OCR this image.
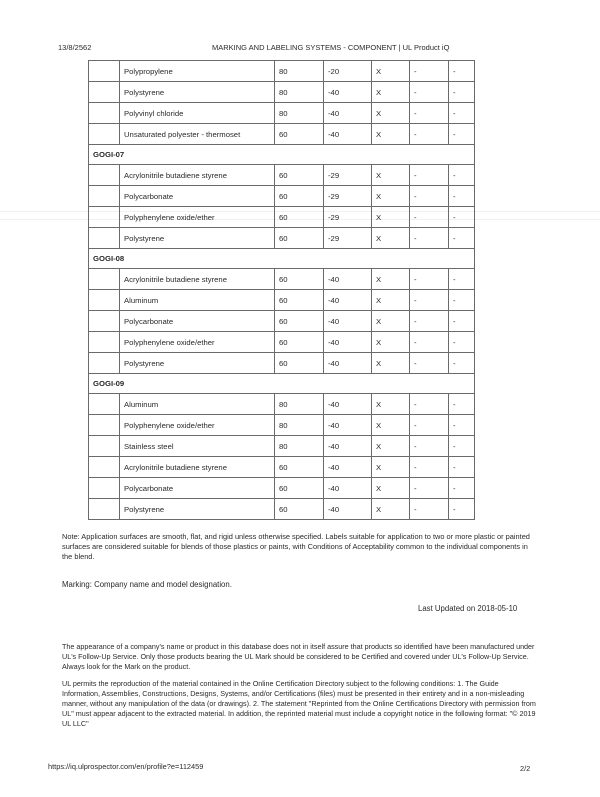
13/8/2562	MARKING AND LABELING SYSTEMS - COMPONENT | UL Product iQ
	Polypropylene	80	-20	X	-	-
	Polystyrene	80	-40	X	-	-
	Polyvinyl chloride	80	-40	X	-	-
	Unsaturated polyester - thermoset	60	-40	X	-	-
GOGI-07						
	Acrylonitrile butadiene styrene	60	-29	X	-	-
	Polycarbonate	60	-29	X	-	-
	Polyphenylene oxide/ether	60	-29	X	-	-
	Polystyrene	60	-29	X	-	-
GOGI-08						
	Acrylonitrile butadiene styrene	60	-40	X	-	-
	Aluminum	60	-40	X	-	-
	Polycarbonate	60	-40	X	-	-
	Polyphenylene oxide/ether	60	-40	X	-	-
	Polystyrene	60	-40	X	-	-
GOGI-09						
	Aluminum	80	-40	X	-	-
	Polyphenylene oxide/ether	80	-40	X	-	-
	Stainless steel	80	-40	X	-	-
	Acrylonitrile butadiene styrene	60	-40	X	-	-
	Polycarbonate	60	-40	X	-	-
	Polystyrene	60	-40	X	-	-
Note: Application surfaces are smooth, flat, and rigid unless otherwise specified. Labels suitable for application to two or more plastic or painted surfaces are considered suitable for blends of those plastics or paints, with Conditions of Acceptability common to the individual components in the blend.
Marking: Company name and model designation.
Last Updated on 2018-05-10
The appearance of a company's name or product in this database does not in itself assure that products so identified have been manufactured under UL's Follow-Up Service. Only those products bearing the UL Mark should be considered to be Certified and covered under UL's Follow-Up Service. Always look for the Mark on the product.
UL permits the reproduction of the material contained in the Online Certification Directory subject to the following conditions: 1. The Guide Information, Assemblies, Constructions, Designs, Systems, and/or Certifications (files) must be presented in their entirety and in a non-misleading manner, without any manipulation of the data (or drawings). 2. The statement "Reprinted from the Online Certifications Directory with permission from UL" must appear adjacent to the extracted material. In addition, the reprinted material must include a copyright notice in the following format: "© 2019 UL LLC"
https://iq.ulprospector.com/en/profile?e=112459	2/2
